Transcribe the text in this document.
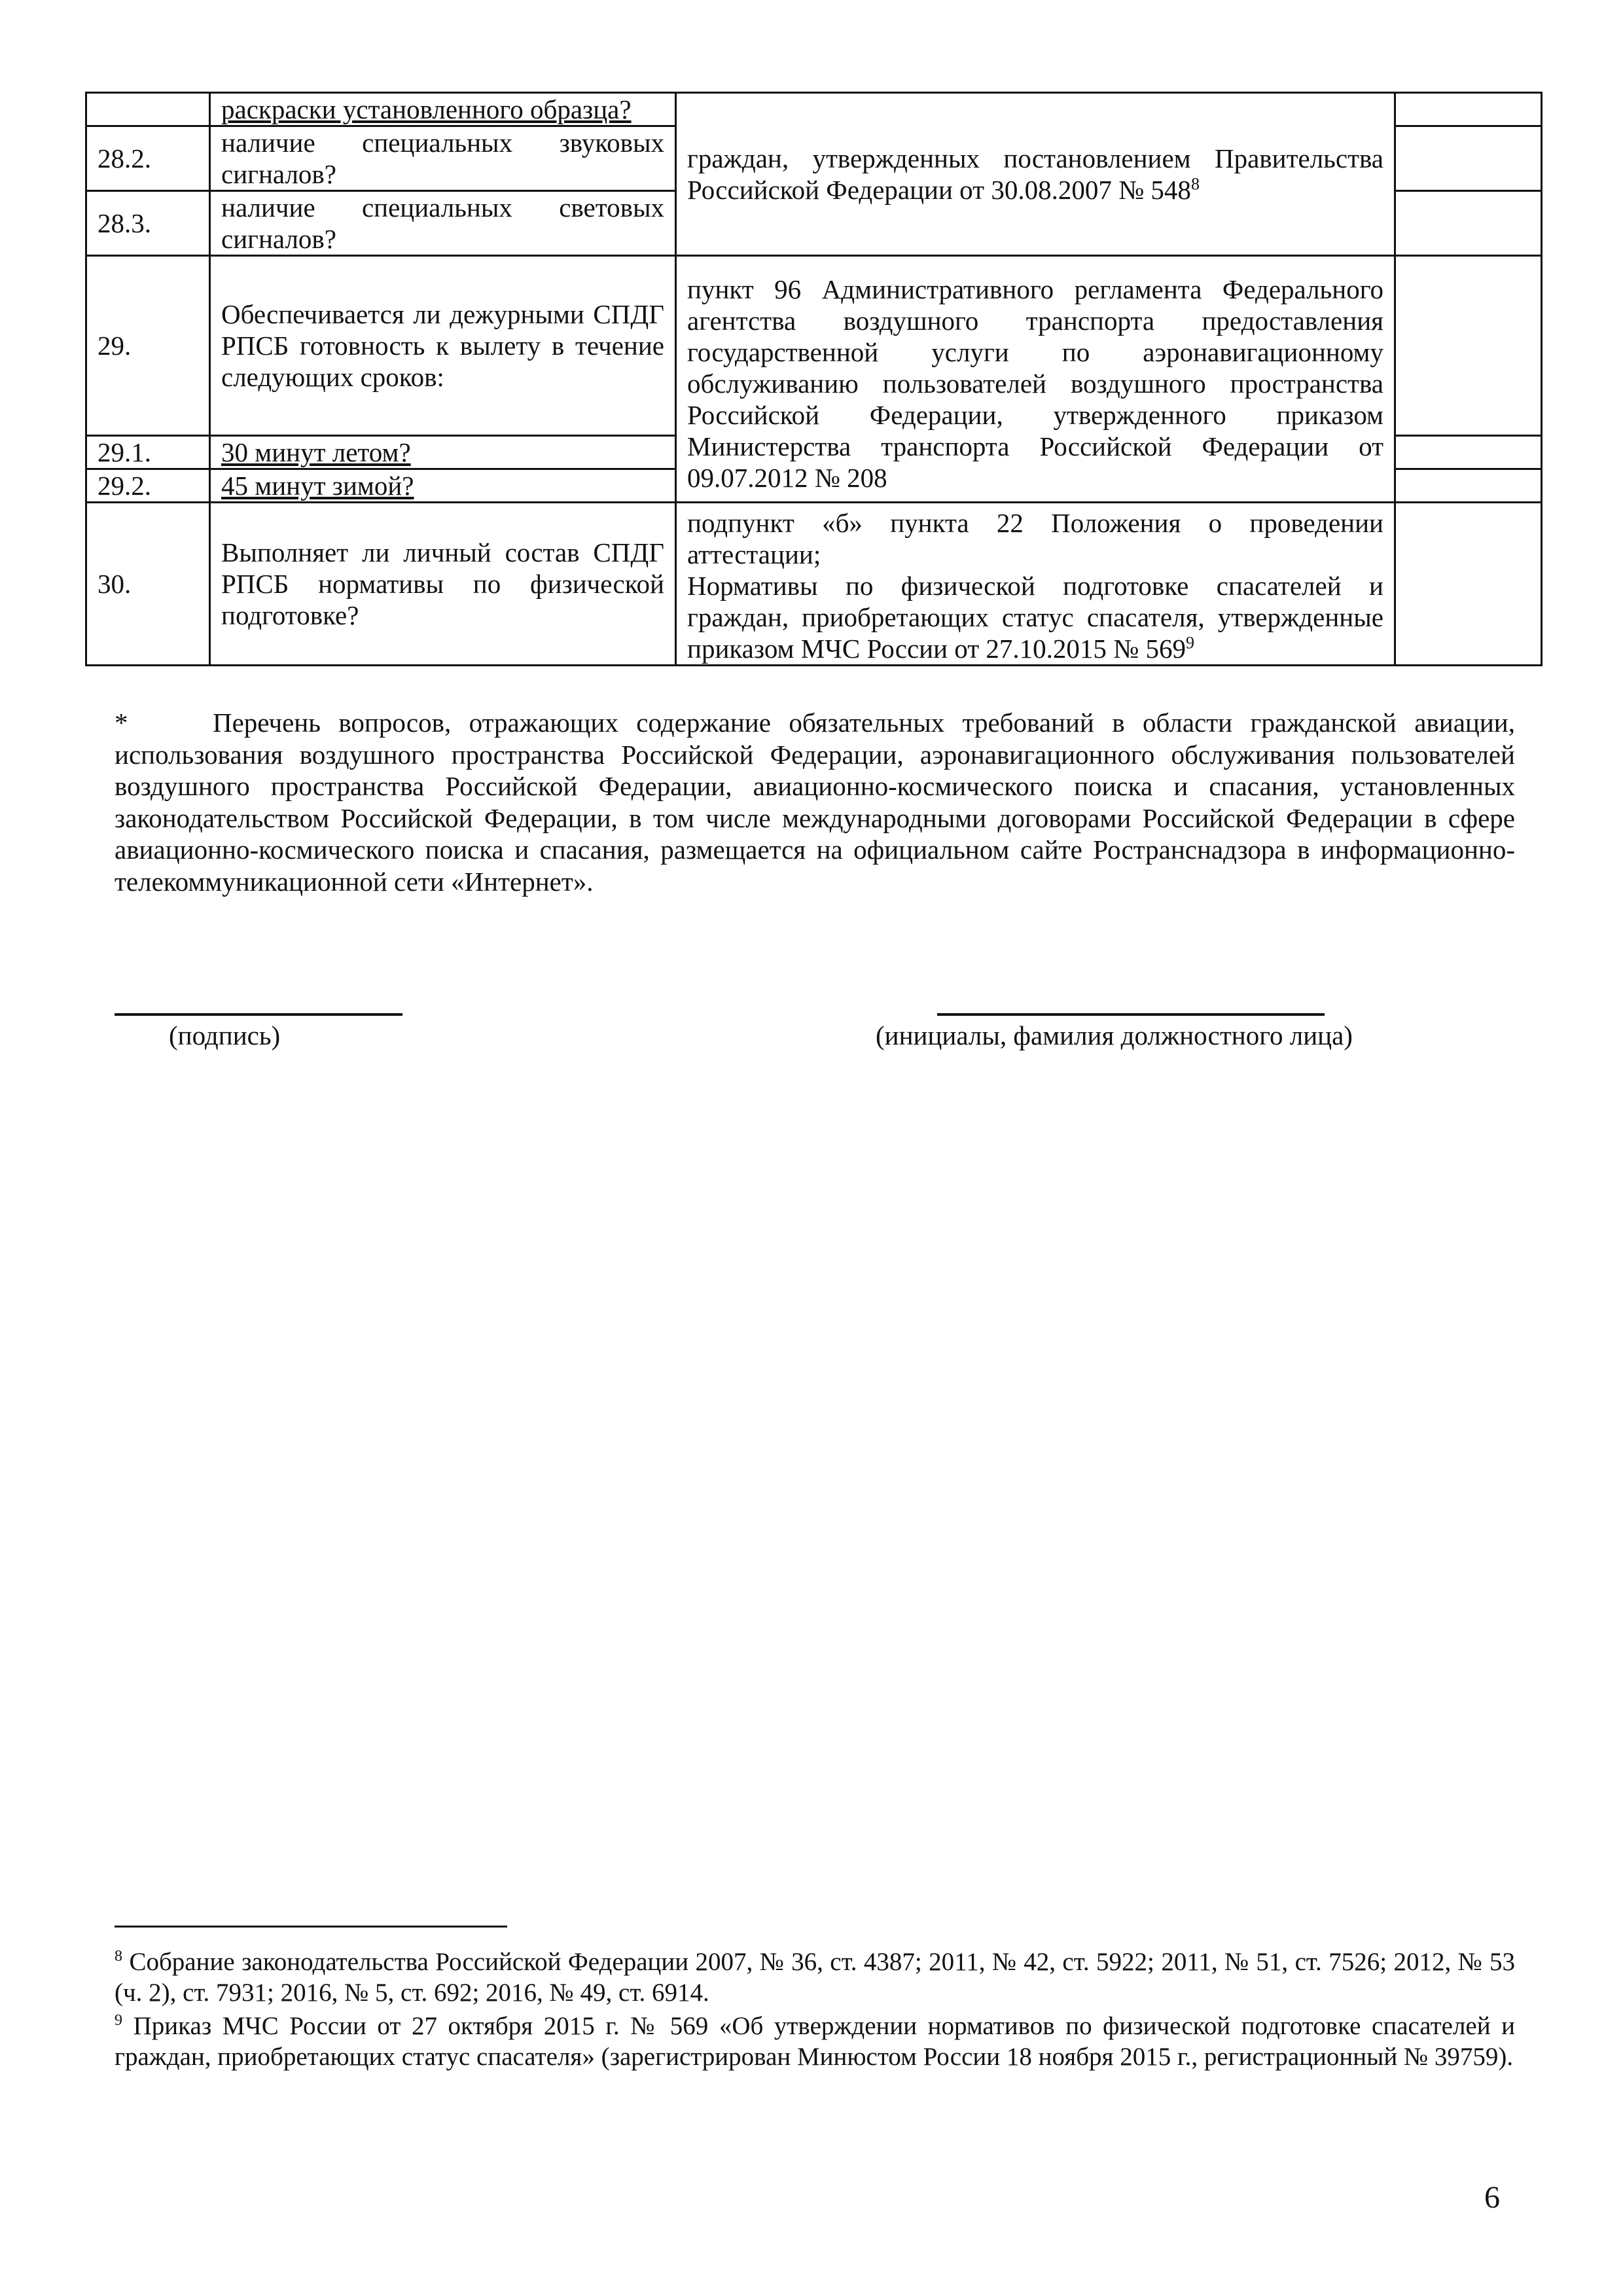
	раскраски установленного образца?	граждан, утвержденных постановлением Правительства Российской Федерации от 30.08.2007 № $548^8$	
28.2.	наличие специальных звуковых сигналов?		
28.3.	наличие специальных световых сигналов?		
29.	Обеспечивается ли дежурными СПДГ РПСБ готовность к вылету в течение следующих сроков:	пункт 96 Административного регламента Федерального агентства воздушного транспорта предоставления государственной услуги по аэронавигационному обслуживанию пользователей воздушного пространства Российской Федерации, утвержденного приказом Министерства транспорта Российской Федерации от 09.07.2012 № 208	
29.1.	30 минут летом?		
29.2.	45 минут зимой?		
30.	Выполняет ли личный состав СПДГ РПСБ нормативы по физической подготовке?	подпункт «б» пункта 22 Положения о проведении аттестации;
Нормативы по физической подготовке спасателей и граждан, приобретающих статус спасателя, утвержденные приказом МЧС России от 27.10.2015 № $569^9$

*	Перечень вопросов, отражающих содержание обязательных требований в области гражданской авиации, использования воздушного пространства Российской Федерации, аэронавигационного обслуживания пользователей воздушного пространства Российской Федерации, авиационно-космического поиска и спасания, установленных законодательством Российской Федерации, в том числе международными договорами Российской Федерации в сфере авиационно-космического поиска и спасания, размещается на официальном сайте Ространснадзора в информационно-телекоммуникационной сети «Интернет».
(подпись)	(инициалы, фамилия должностного лица)
$^8$ Собрание законодательства Российской Федерации 2007, № 36, ст. 4387; 2011, № 42, ст. 5922; 2011, № 51, ст. 7526; 2012, № 53 (ч. 2), ст. 7931; 2016, № 5, ст. 692; 2016, № 49, ст. 6914.
$^9$ Приказ МЧС России от 27 октября 2015 г. № 569 «Об утверждении нормативов по физической подготовке спасателей и граждан, приобретающих статус спасателя» (зарегистрирован Минюстом России 18 ноября 2015 г., регистрационный № 39759).
6
